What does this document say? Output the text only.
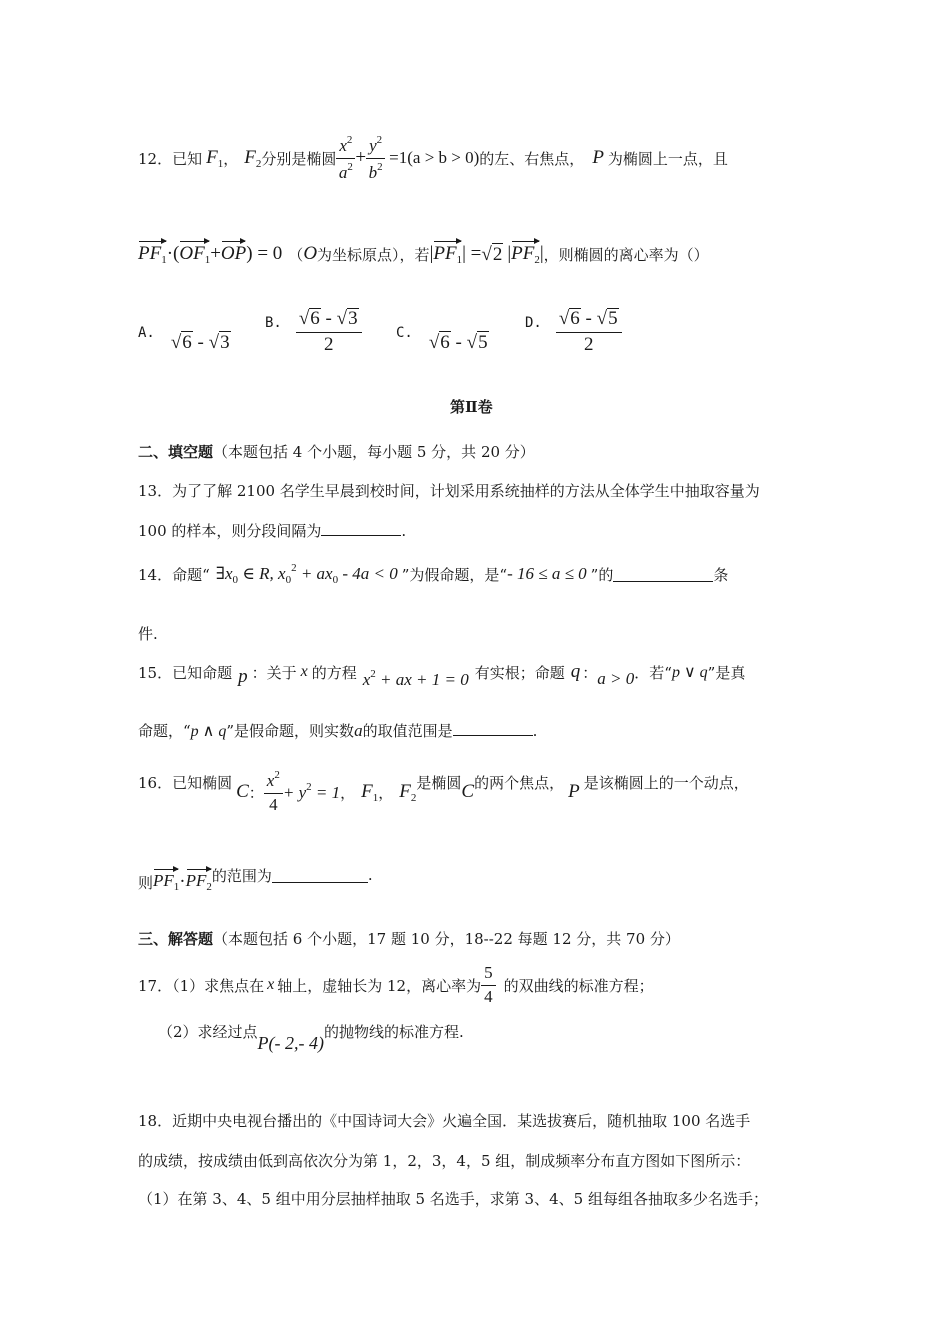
12．已知 $F_1$ ， $F_2$ 分别是椭圆 $\frac{x^2}{a^2} + \frac{y^2}{b^2} =1(a > b > 0)$ 的左、右焦点， P 为椭圆上一点，且
$PF_1$ ·( $OF_1$ + OP ) = 0 （ O 为坐标原点），若 | $PF_1$ | = √ 2 | $PF_2$ | ，则椭圆的离心率为（）
A. √ 6 - √ 3
B. $\frac{√ 6 - √ 3}{2} C$. √ 6 - √ 5
D. $\frac{√ 6 - √ 5}{2}$
第Ⅱ卷
二、填空题（本题包括 4 个小题，每小题 5 分，共 20 分）
13．为了了解 2100 名学生早晨到校时间，计划采用系统抽样的方法从全体学生中抽取容量为
100 的样本，则分段间隔为	.
14．命题“ $\exists x_0$ ∈ R, $x_0^2 + ax_0 - 4a < 0$ ”为假命题，是“ - 16 ≤ a ≤ 0 ”的	条
件.
15．已知命题 p ：关于 x 的方程 $x^2$ + ax + 1 = 0 有实根；命题 q ： a > 0 ．若“ p ∨ q ”是真
命题，“p ∧ q”是假命题，则实数a的取值范围是	.
16．已知椭圆 C ： $\frac{x^2}{4} + y^2 = 1$ ， $F_1$ ， $F_2$
是椭圆 C 的两个焦点， P 是该椭圆上的一个动点，
则 $PF_1 \cdot PF_2$
的范围为	.
三、解答题（本题包括 6 个小题，17 题 10 分，18--22 每题 12 分，共 70 分）
17．（1）求焦点在 x 轴上，虚轴长为 12，离心率为 $\frac{5}{4}$ 的双曲线的标准方程；
（2）求经过点
P(- 2,- 4)
的抛物线的标准方程.
18．近期中央电视台播出的《中国诗词大会》火遍全国．某选拔赛后，随机抽取 100 名选手
的成绩，按成绩由低到高依次分为第 1，2，3，4，5 组，制成频率分布直方图如下图所示：
（1）在第 3、4、5 组中用分层抽样抽取 5 名选手，求第 3、4、5 组每组各抽取多少名选手；
